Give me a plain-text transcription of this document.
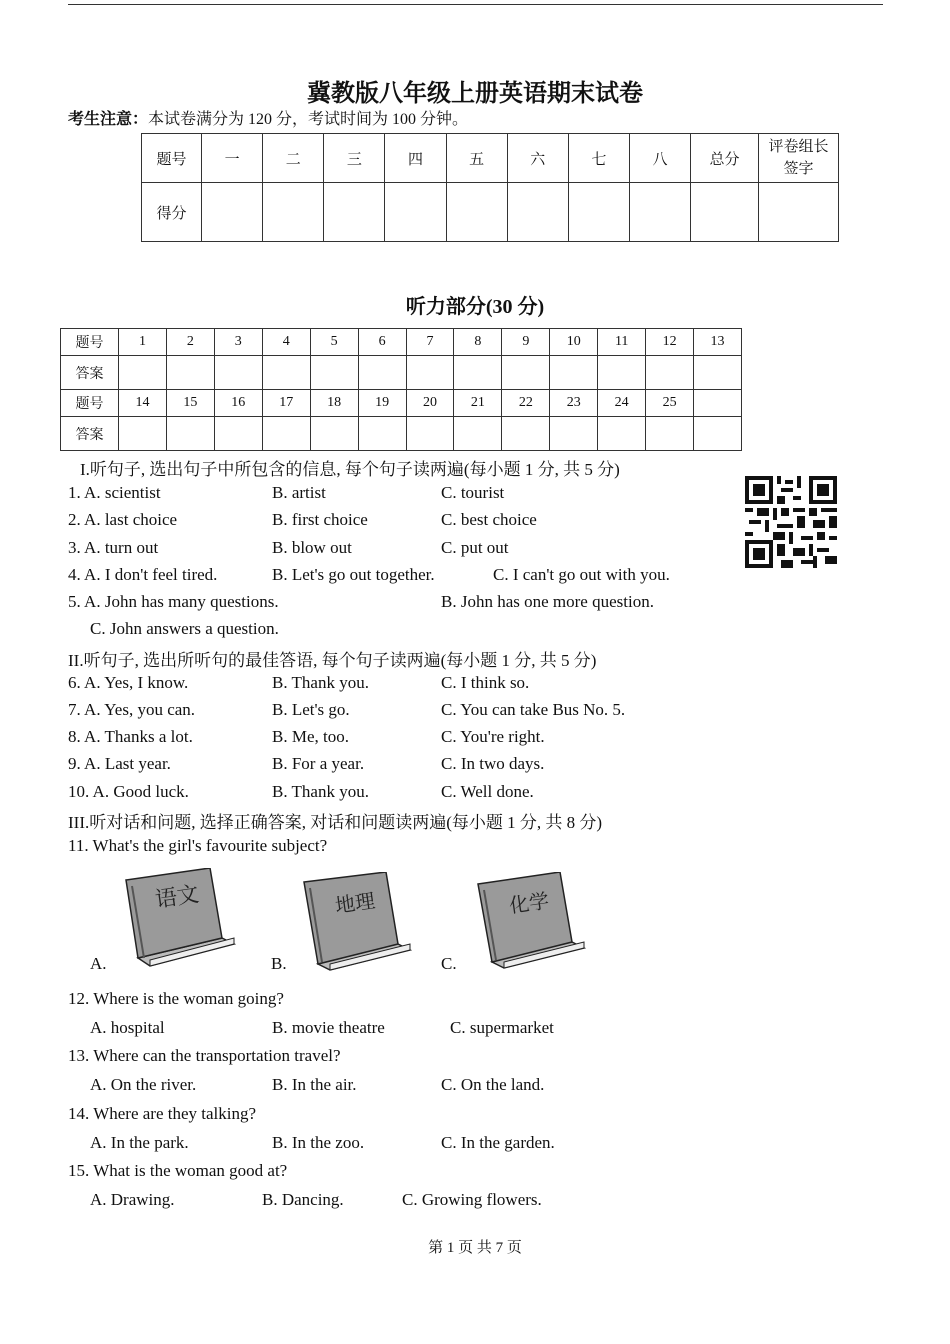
冀教版八年级上册英语期末试卷
考生注意：本试卷满分为 120 分，考试时间为 100 分钟。
题号	一	二	三	四	五	六	七	八	总分	评卷组长签字
得分										
听力部分(30 分)
题号	1	2	3	4	5	6	7	8	9	10	11	12	13
答案													
题号	14	15	16	17	18	19	20	21	22	23	24	25	
答案													
I.听句子, 选出句子中所包含的信息, 每个句子读两遍(每小题 1 分, 共 5 分)
1. A. scientist	B. artist	C. tourist
2. A. last choice	B. first choice	C. best choice
3. A. turn out	B. blow out	C. put out
4. A. I don't feel tired.	B. Let's go out together.	C. I can't go out with you.
5. A. John has many questions.	B. John has one more question.
C. John answers a question.
II.听句子, 选出所听句的最佳答语, 每个句子读两遍(每小题 1 分, 共 5 分)
6. A. Yes, I know.	B. Thank you.	C. I think so.
7. A. Yes, you can.	B. Let's go.	C. You can take Bus No. 5.
8. A. Thanks a lot.	B. Me, too.	C. You're right.
9. A. Last year.	B. For a year.	C. In two days.
10. A. Good luck.	B. Thank you.	C. Well done.
III.听对话和问题, 选择正确答案, 对话和问题读两遍(每小题 1 分, 共 8 分)
11. What's the girl's favourite subject?
语文
A.
地理
B.
化学
C.
12. Where is the woman going?
A. hospital	B. movie theatre	C. supermarket
13. Where can the transportation travel?
A. On the river.	B. In the air.	C. On the land.
14. Where are they talking?
A. In the park.	B. In the zoo.	C. In the garden.
15. What is the woman good at?
A. Drawing.	B. Dancing.	C. Growing flowers.
第 1 页 共 7 页
